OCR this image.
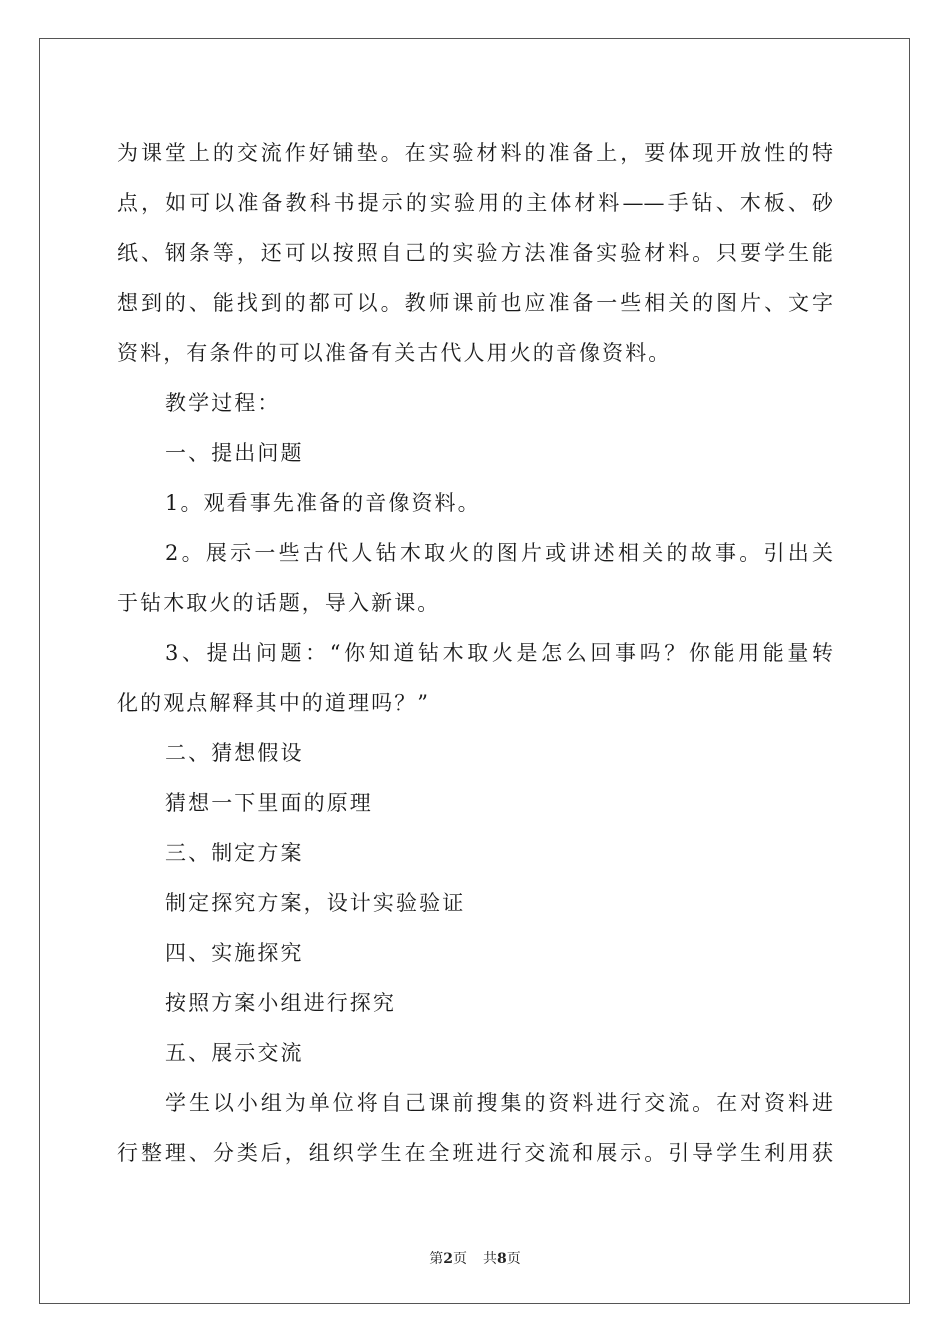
为课堂上的交流作好铺垫。在实验材料的准备上，要体现开放性的特
点，如可以准备教科书提示的实验用的主体材料——手钻、木板、砂
纸、钢条等，还可以按照自己的实验方法准备实验材料。只要学生能
想到的、能找到的都可以。教师课前也应准备一些相关的图片、文字
资料，有条件的可以准备有关古代人用火的音像资料。
教学过程：
一、提出问题
1。观看事先准备的音像资料。
2。展示一些古代人钻木取火的图片或讲述相关的故事。引出关
于钻木取火的话题，导入新课。
3、提出问题：“你知道钻木取火是怎么回事吗？你能用能量转
化的观点解释其中的道理吗？”
二、猜想假设
猜想一下里面的原理
三、制定方案
制定探究方案，设计实验验证
四、实施探究
按照方案小组进行探究
五、展示交流
学生以小组为单位将自己课前搜集的资料进行交流。在对资料进
行整理、分类后，组织学生在全班进行交流和展示。引导学生利用获
第2页 共8页
